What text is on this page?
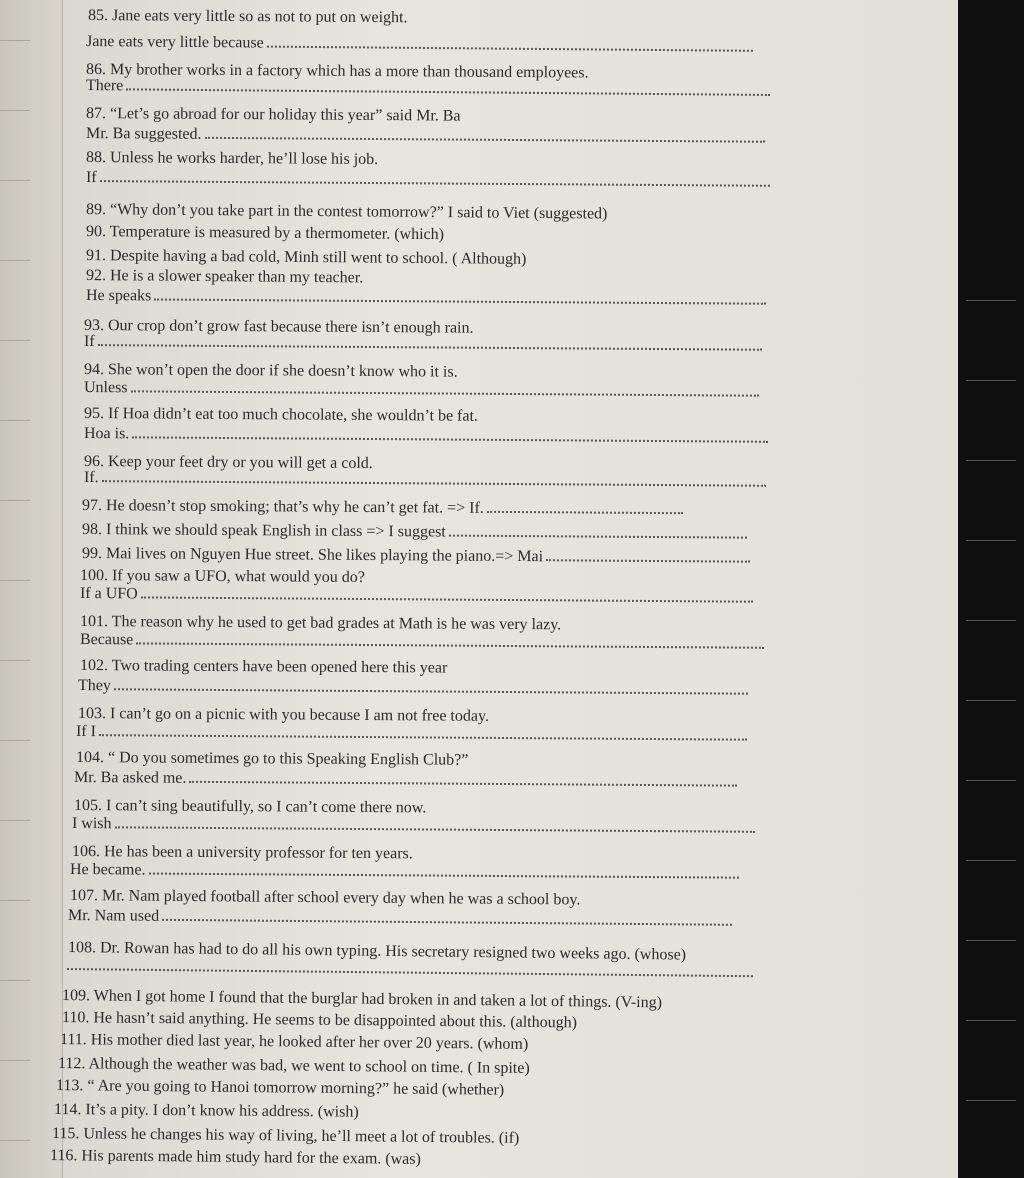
85. Jane eats very little so as not to put on weight.
Jane eats very little because
86. My brother works in a factory which has a more than thousand employees.
There
87. “Let’s go abroad for our holiday this year” said Mr. Ba
Mr. Ba suggested.
88. Unless he works harder, he’ll lose his job.
If
89. “Why don’t you take part in the contest tomorrow?” I said to Viet (suggested)
90. Temperature is measured by a thermometer. (which)
91. Despite having a bad cold, Minh still went to school. ( Although)
92. He is a slower speaker than my teacher.
He speaks
93. Our crop don’t grow fast because there isn’t enough rain.
If
94. She won’t open the door if she doesn’t know who it is.
Unless
95. If Hoa didn’t eat too much chocolate, she wouldn’t be fat.
Hoa is.
96. Keep your feet dry or you will get a cold.
If.
97. He doesn’t stop smoking; that’s why he can’t get fat. => If.
98. I think we should speak English in class => I suggest
99. Mai lives on Nguyen Hue street. She likes playing the piano.=> Mai
100. If you saw a UFO, what would you do?
If a UFO
101. The reason why he used to get bad grades at Math is he was very lazy.
Because
102. Two trading centers have been opened here this year
They
103. I can’t go on a picnic with you because I am not free today.
If I
104. “ Do you sometimes go to this Speaking English Club?”
Mr. Ba asked me.
105. I can’t sing beautifully, so I can’t come there now.
I wish
106. He has been a university professor for ten years.
He became.
107. Mr. Nam played football after school every day when he was a school boy.
Mr. Nam used
108. Dr. Rowan has had to do all his own typing. His secretary resigned two weeks ago. (whose)
109. When I got home I found that the burglar had broken in and taken a lot of things. (V-ing)
110. He hasn’t said anything. He seems to be disappointed about this. (although)
111. His mother died last year, he looked after her over 20 years. (whom)
112. Although the weather was bad, we went to school on time. ( In spite)
113. “ Are you going to Hanoi tomorrow morning?” he said (whether)
114. It’s a pity. I don’t know his address. (wish)
115. Unless he changes his way of living, he’ll meet a lot of troubles. (if)
116. His parents made him study hard for the exam. (was)
